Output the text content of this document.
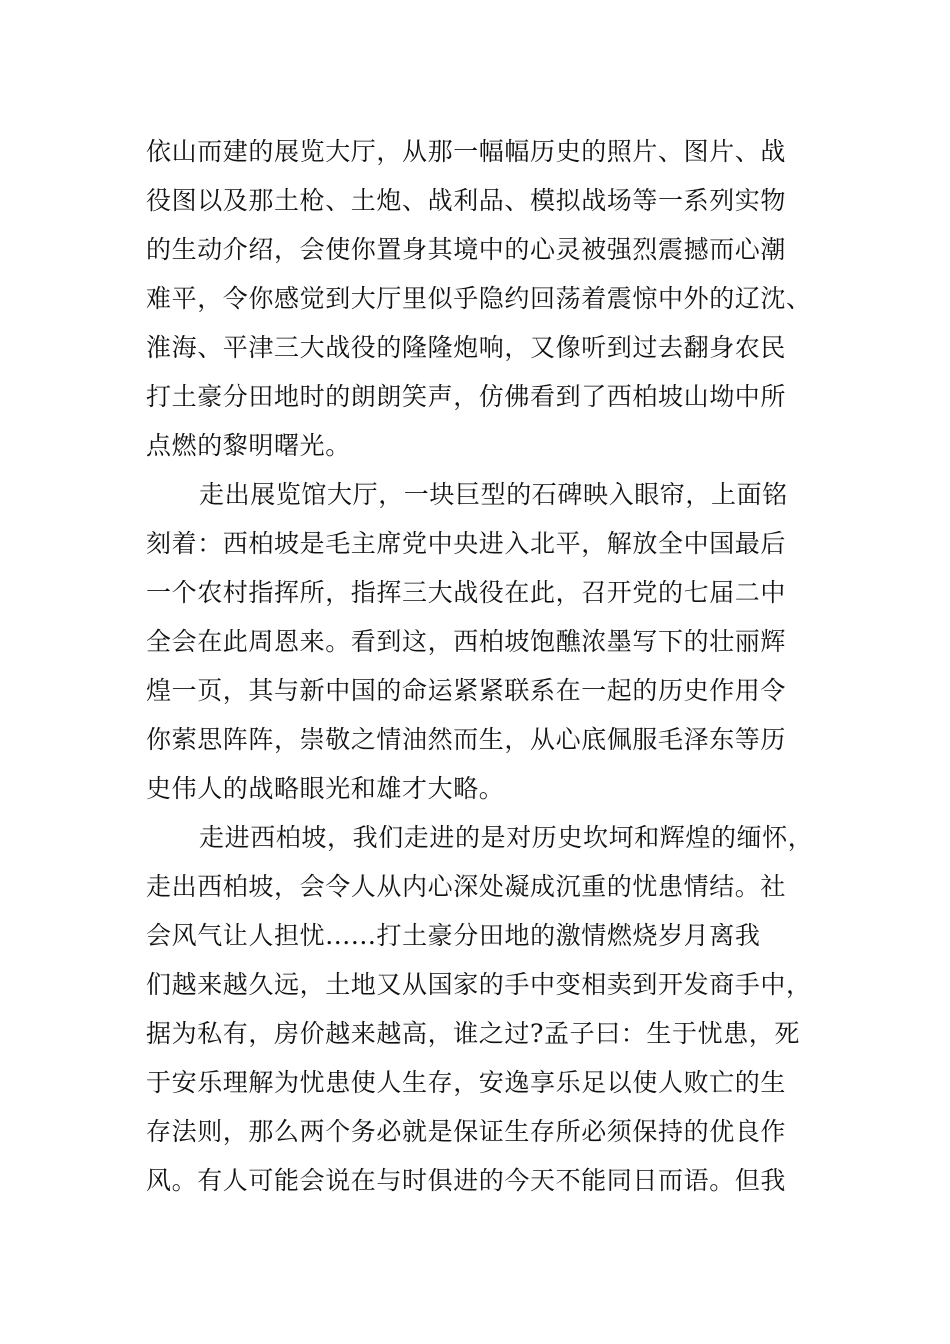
依山而建的展览大厅，从那一幅幅历史的照片、图片、战
役图以及那土枪、土炮、战利品、模拟战场等一系列实物
的生动介绍，会使你置身其境中的心灵被强烈震撼而心潮
难平，令你感觉到大厅里似乎隐约回荡着震惊中外的辽沈、
淮海、平津三大战役的隆隆炮响，又像听到过去翻身农民
打土豪分田地时的朗朗笑声，仿佛看到了西柏坡山坳中所
点燃的黎明曙光。
走出展览馆大厅，一块巨型的石碑映入眼帘，上面铭
刻着：西柏坡是毛主席党中央进入北平，解放全中国最后
一个农村指挥所，指挥三大战役在此，召开党的七届二中
全会在此周恩来。看到这，西柏坡饱醮浓墨写下的壮丽辉
煌一页，其与新中国的命运紧紧联系在一起的历史作用令
你萦思阵阵，崇敬之情油然而生，从心底佩服毛泽东等历
史伟人的战略眼光和雄才大略。
走进西柏坡，我们走进的是对历史坎坷和辉煌的缅怀，
走出西柏坡，会令人从内心深处凝成沉重的忧患情结。社
会风气让人担忧......打土豪分田地的激情燃烧岁月离我
们越来越久远，土地又从国家的手中变相卖到开发商手中，
据为私有，房价越来越高，谁之过?孟子曰：生于忧患，死
于安乐理解为忧患使人生存，安逸享乐足以使人败亡的生
存法则，那么两个务必就是保证生存所必须保持的优良作
风。有人可能会说在与时俱进的今天不能同日而语。但我
